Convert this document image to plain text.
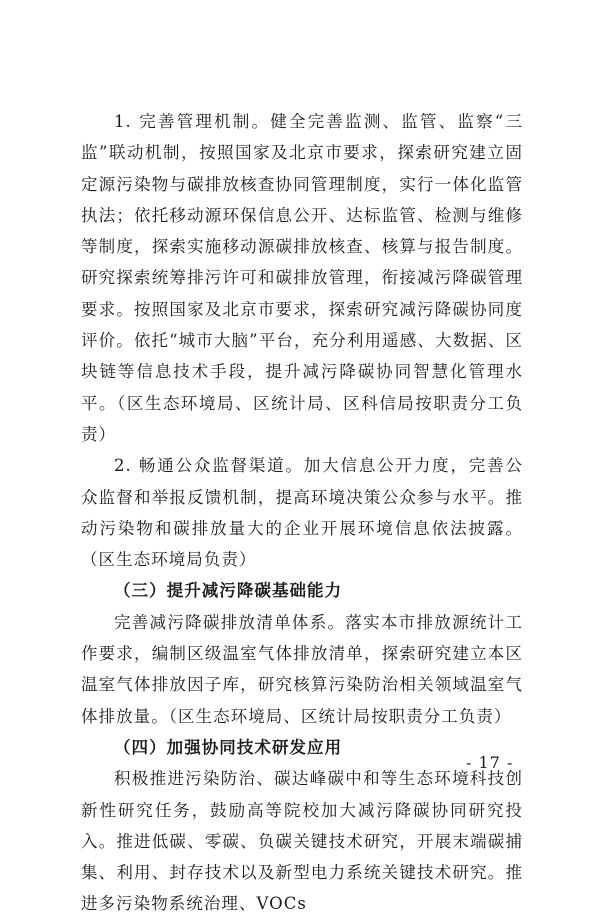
1. 完善管理机制。健全完善监测、监管、监察“三监”联动机制，按照国家及北京市要求，探索研究建立固定源污染物与碳排放核查协同管理制度，实行一体化监管执法；依托移动源环保信息公开、达标监管、检测与维修等制度，探索实施移动源碳排放核查、核算与报告制度。研究探索统筹排污许可和碳排放管理，衔接减污降碳管理要求。按照国家及北京市要求，探索研究减污降碳协同度评价。依托“城市大脑”平台，充分利用遥感、大数据、区块链等信息技术手段，提升减污降碳协同智慧化管理水平。（区生态环境局、区统计局、区科信局按职责分工负责）

2. 畅通公众监督渠道。加大信息公开力度，完善公众监督和举报反馈机制，提高环境决策公众参与水平。推动污染物和碳排放量大的企业开展环境信息依法披露。（区生态环境局负责）

（三）提升减污降碳基础能力

完善减污降碳排放清单体系。落实本市排放源统计工作要求，编制区级温室气体排放清单，探索研究建立本区温室气体排放因子库，研究核算污染防治相关领域温室气体排放量。（区生态环境局、区统计局按职责分工负责）

（四）加强协同技术研发应用

积极推进污染防治、碳达峰碳中和等生态环境科技创新性研究任务，鼓励高等院校加大减污降碳协同研究投入。推进低碳、零碳、负碳关键技术研究，开展末端碳捕集、利用、封存技术以及新型电力系统关键技术研究。推进多污染物系统治理、VOCs

- 17 -
